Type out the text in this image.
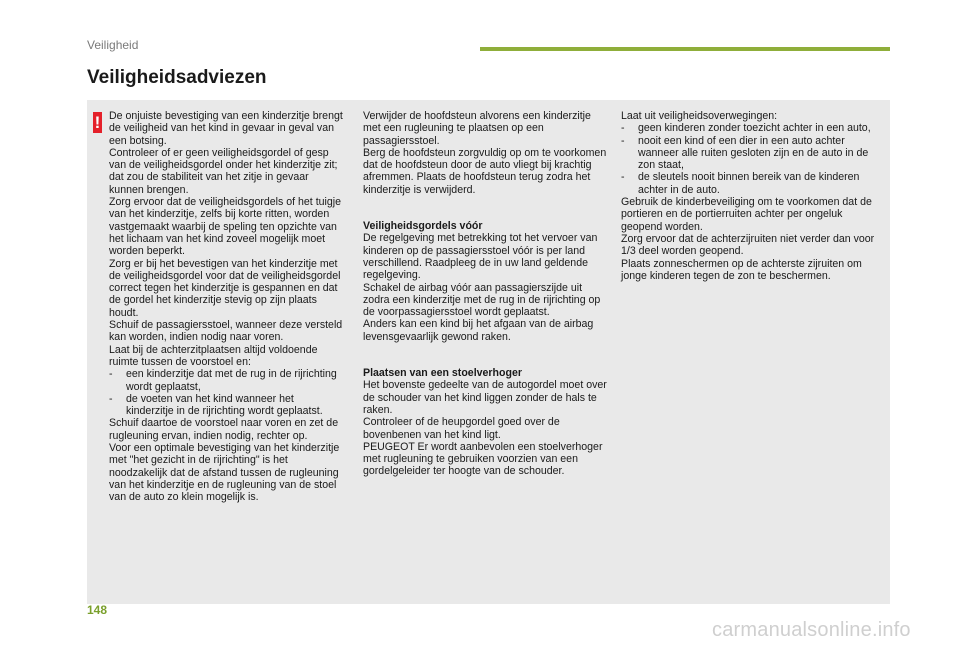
Veiligheid
Veiligheidsadviezen
! De onjuiste bevestiging van een kinderzitje brengt de veiligheid van het kind in gevaar in geval van een botsing.

Controleer of er geen veiligheidsgordel of gesp van de veiligheidsgordel onder het kinderzitje zit; dat zou de stabiliteit van het zitje in gevaar kunnen brengen.

Zorg ervoor dat de veiligheidsgordels of het tuigje van het kinderzitje, zelfs bij korte ritten, worden vastgemaakt waarbij de speling ten opzichte van het lichaam van het kind zoveel mogelijk moet worden beperkt.

Zorg er bij het bevestigen van het kinderzitje met de veiligheidsgordel voor dat de veiligheidsgordel correct tegen het kinderzitje is gespannen en dat de gordel het kinderzitje stevig op zijn plaats houdt.

Schuif de passagiersstoel, wanneer deze versteld kan worden, indien nodig naar voren.

Laat bij de achterzitplaatsen altijd voldoende ruimte tussen de voorstoel en:

-	een kinderzitje dat met de rug in de rijrichting wordt geplaatst,
-	de voeten van het kind wanneer het kinderzitje in de rijrichting wordt geplaatst.

Schuif daartoe de voorstoel naar voren en zet de rugleuning ervan, indien nodig, rechter op.

Voor een optimale bevestiging van het kinderzitje met "het gezicht in de rijrichting" is het noodzakelijk dat de afstand tussen de rugleuning van het kinderzitje en de rugleuning van de stoel van de auto zo klein mogelijk is.

Verwijder de hoofdsteun alvorens een kinderzitje met een rugleuning te plaatsen op een passagiersstoel.

Berg de hoofdsteun zorgvuldig op om te voorkomen dat de hoofdsteun door de auto vliegt bij krachtig afremmen. Plaats de hoofdsteun terug zodra het kinderzitje is verwijderd.

Veiligheidsgordels vóór

De regelgeving met betrekking tot het vervoer van kinderen op de passagiersstoel vóór is per land verschillend. Raadpleeg de in uw land geldende regelgeving.

Schakel de airbag vóór aan passagierszijde uit zodra een kinderzitje met de rug in de rijrichting op de voorpassagiersstoel wordt geplaatst.

Anders kan een kind bij het afgaan van de airbag levensgevaarlijk gewond raken.

Plaatsen van een stoelverhoger

Het bovenste gedeelte van de autogordel moet over de schouder van het kind liggen zonder de hals te raken.

Controleer of de heupgordel goed over de bovenbenen van het kind ligt.

PEUGEOT Er wordt aanbevolen een stoelverhoger met rugleuning te gebruiken voorzien van een gordelgeleider ter hoogte van de schouder.

Laat uit veiligheidsoverwegingen:

-	geen kinderen zonder toezicht achter in een auto,
-	nooit een kind of een dier in een auto achter wanneer alle ruiten gesloten zijn en de auto in de zon staat,
-	de sleutels nooit binnen bereik van de kinderen achter in de auto.

Gebruik de kinderbeveiliging om te voorkomen dat de portieren en de portierruiten achter per ongeluk geopend worden.

Zorg ervoor dat de achterzijruiten niet verder dan voor 1/3 deel worden geopend.

Plaats zonneschermen op de achterste zijruiten om jonge kinderen tegen de zon te beschermen.

148
carmanualsonline.info
